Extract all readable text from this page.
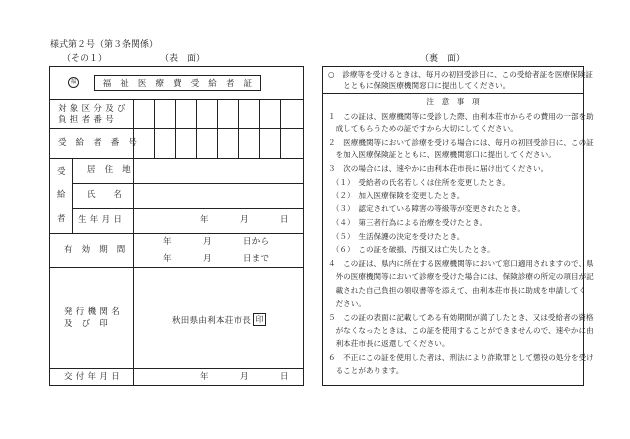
様式第２号（第３条関係）
（その１）	（表　面）	（裏　面）
福	福　祉　医　療　費　受　給　者　証
対 象 区 分 及 び
負 担 者 番 号
受　給　者　番　号
受
給
者
居　住　地
氏　　名
生 年 月 日	年	月	日
有　効　期　間
年	月	日から
年	月	日まで
発 行 機 関 名
及　び　印	秋田県由利本荘市長 印
交 付 年 月 日	年	月	日
○　診療等を受けるときは、毎月の初回受診日に、この受給者証を医療保険証
　　とともに保険医療機関窓口に提出してください。
注　意　事　項
１　この証は、医療機関等に受診した際、由利本荘市からその費用の一部を助
　成してもらうための証ですから大切にしてください。
２　医療機関等において診療を受ける場合には、毎月の初回受診日に、この証
　を加入医療保険証とともに、医療機関窓口に提出してください。
３　次の場合には、速やかに由利本荘市長に届け出てください。
　（１）　受給者の氏名若しくは住所を変更したとき。
　（２）　加入医療保険を変更したとき。
　（３）　認定されている障害の等級等が変更されたとき。
　（４）　第三者行為による治療を受けたとき。
　（５）　生活保護の決定を受けたとき。
　（６）　この証を破損、汚損又は亡失したとき。
４　この証は、県内に所在する医療機関等において窓口適用されますので、県
　外の医療機関等において診療を受けた場合には、保険診療の所定の項目が記
　載された自己負担の領収書等を添えて、由利本荘市長に助成を申請してく
　ださい。
５　この証の表面に記載してある有効期間が満了したとき、又は受給者の資格
　がなくなったときは、この証を使用することができませんので、速やかに由
　利本荘市長に返還してください。
６　不正にこの証を使用した者は、刑法により詐欺罪として懲役の処分を受け
　ることがあります。
